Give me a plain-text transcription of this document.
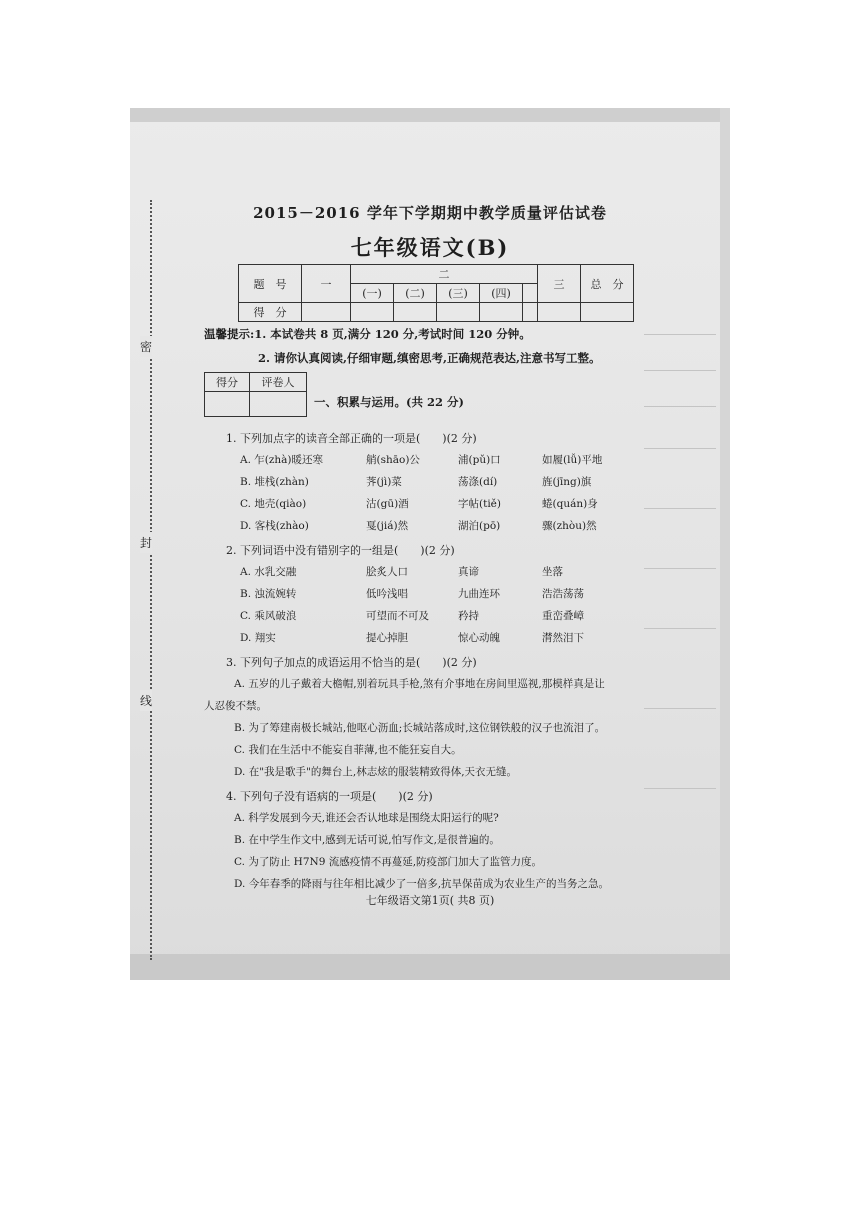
密
封
线
2015－2016 学年下学期期中教学质量评估试卷
七年级语文(B)
题　号	一	二					三	总　分
		(一)	(二)	(三)	(四)			
得　分								
温馨提示:1. 本试卷共 8 页,满分 120 分,考试时间 120 分钟。
2. 请你认真阅读,仔细审题,缜密思考,正确规范表达,注意书写工整。
得分	评卷人

一、积累与运用。(共 22 分)
1. 下列加点字的读音全部正确的一项是(　　)(2 分)
A. 乍(zhà)暖还寒	艄(shāo)公	浦(pǔ)口	如履(lǚ)平地
B. 堆栈(zhàn)	荠(jì)菜	荡涤(dí)	旌(jīng)旗
C. 地壳(qiào)	沽(gū)酒	字帖(tiě)	蜷(quán)身
D. 客栈(zhào)	戛(jiá)然	湖泊(pō)	骤(zhòu)然
2. 下列词语中没有错别字的一组是(　　)(2 分)
A. 水乳交融	脍炙人口	真谛	坐落
B. 浊流婉转	低吟浅唱	九曲连环	浩浩荡荡
C. 乘风破浪	可望而不可及	矜持	重峦叠嶂
D. 翔实	提心掉胆	惊心动魄	潸然泪下
3. 下列句子加点的成语运用不恰当的是(　　)(2 分)
A. 五岁的儿子戴着大檐帽,别着玩具手枪,煞有介事地在房间里巡视,那模样真是让
人忍俊不禁。
B. 为了筹建南极长城站,他呕心沥血;长城站落成时,这位钢铁般的汉子也流泪了。
C. 我们在生活中不能妄自菲薄,也不能狂妄自大。
D. 在"我是歌手"的舞台上,林志炫的服装精致得体,天衣无缝。
4. 下列句子没有语病的一项是(　　)(2 分)
A. 科学发展到今天,谁还会否认地球是围绕太阳运行的呢?
B. 在中学生作文中,感到无话可说,怕写作文,是很普遍的。
C. 为了防止 H7N9 流感疫情不再蔓延,防疫部门加大了监管力度。
D. 今年春季的降雨与往年相比减少了一倍多,抗旱保苗成为农业生产的当务之急。
七年级语文第1页( 共8 页)
